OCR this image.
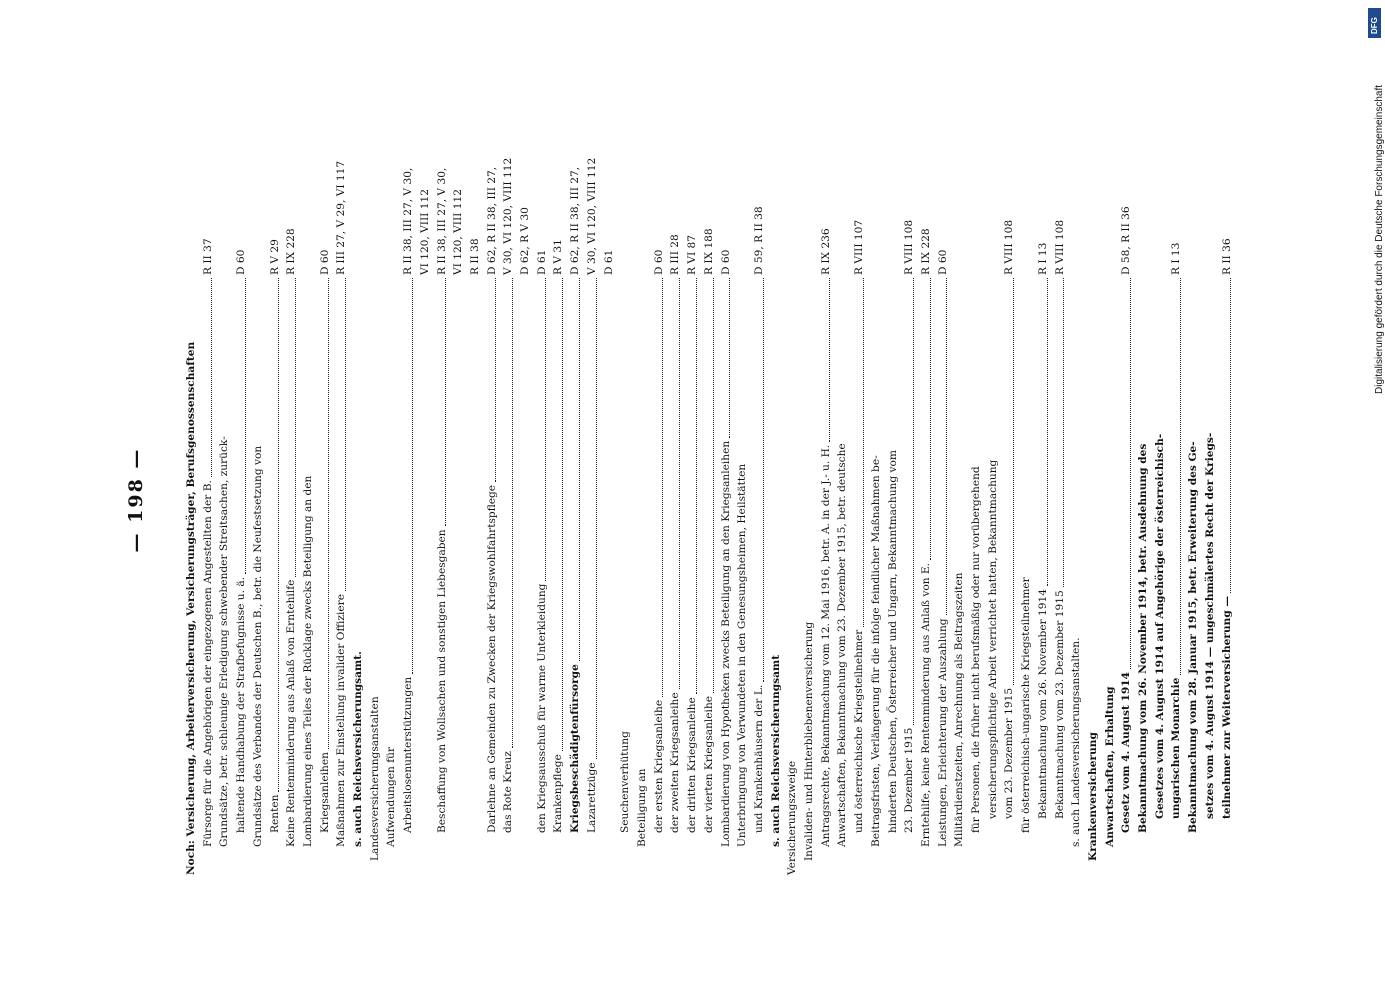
— 198 —	Noch: Versicherung, Arbeiterversicherung, Versicherungsträger, Berufsgenossenschaften Fürsorge für die Angehörigen der eingezogenen Angestellten der B.
R II 37
Grundsätze, betr. schleunige Erledigung schwebender Streitsachen, zurück- haltende Handhabung der Strafbefugnisse u. ä.
D 60
Grundsätze des Verbandes der Deutschen B., betr. die Neufestsetzung von Renten
R V 29
Keine Rentenminderung aus Anlaß von Erntehilfe
R IX 228
Lombardierung eines Teiles der Rücklage zwecks Beteiligung an den Kriegsanleihen
D 60
Maßnahmen zur Einstellung invalider Offiziere
R III 27, V 29, VI 117
s. auch Reichsversicherungsamt. Landesversicherungsanstalten Aufwendungen für Arbeitslosenunterstützungen
R II 38, III 27, V 30, VI 120, VIII 112
Beschaffung von Wollsachen und sonstigen Liebesgaben
R II 38, III 27, V 30, VI 120, VIII 112 R II 38
Darlehne an Gemeinden zu Zwecken der Kriegswohlfahrtspflege
D 62, R II 38, III 27,
das Rote Kreuz
V 30, VI 120, VIII 112 D 62, R V 30
den Kriegsausschuß für warme Unterkleidung
D 61
Krankenpflege
R V 31
Kriegsbeschädigtenfürsorge
D 62, R II 38, III 27,
Lazarettzüge
V 30, VI 120, VIII 112 D 61
Seuchenverhütung Beteiligung an der ersten Kriegsanleihe
D 60
der zweiten Kriegsanleihe
R III 28
der dritten Kriegsanleihe
R VI 87
der vierten Kriegsanleihe
R IX 188
Lombardierung von Hypotheken zwecks Beteiligung an den Kriegsanleihen
D 60
Unterbringung von Verwundeten in den Genesungsheimen, Heilstätten und Krankenhäusern der L.
D 59, R II 38
s. auch Reichsversicherungsamt Versicherungszweige Invaliden- und Hinterbliebenenversicherung Antragsrechte, Bekanntmachung vom 12. Mai 1916, betr. A. in der J.- u. H.
R IX 236
Anwartschaften, Bekanntmachung vom 23. Dezember 1915, betr. deutsche und österreichische Kriegsteilnehmer
R VIII 107
Beitragsfristen, Verlängerung für die infolge feindlicher Maßnahmen be- hinderten Deutschen, Österreicher und Ungarn, Bekanntmachung vom 23. Dezember 1915
R VIII 108
Erntehilfe, keine Rentenminderung aus Anlaß von E.
R IX 228
Leistungen, Erleichterung der Auszahlung
D 60
Militärdienstzeiten, Anrechnung als Beitragszeiten für Personen, die früher nicht berufsmäßig oder nur vorübergehend versicherungspflichtige Arbeit verrichtet hatten, Bekanntmachung vom 23. Dezember 1915
R VIII 108
für österreichisch-ungarische Kriegsteilnehmer Bekanntmachung vom 26. November 1914
R I 13
Bekanntmachung vom 23. Dezember 1915
R VIII 108
s. auch Landesversicherungsanstalten. Krankenversicherung Anwartschaften, Erhaltung Gesetz vom 4. August 1914
D 58, R II 36
Bekanntmachung vom 26. November 1914, betr. Ausdehnung des Gesetzes vom 4. August 1914 auf Angehörige der österreichisch- ungarischen Monarchie
R I 13
Bekanntmachung vom 28. Januar 1915, betr. Erweiterung des Ge- setzes vom 4. August 1914 — ungeschmälertes Recht der Kriegs- teilnehmer zur Weiterversicherung —
R II 36
DFG
Digitalisierung gefördert durch die Deutsche Forschungsgemeinschaft
